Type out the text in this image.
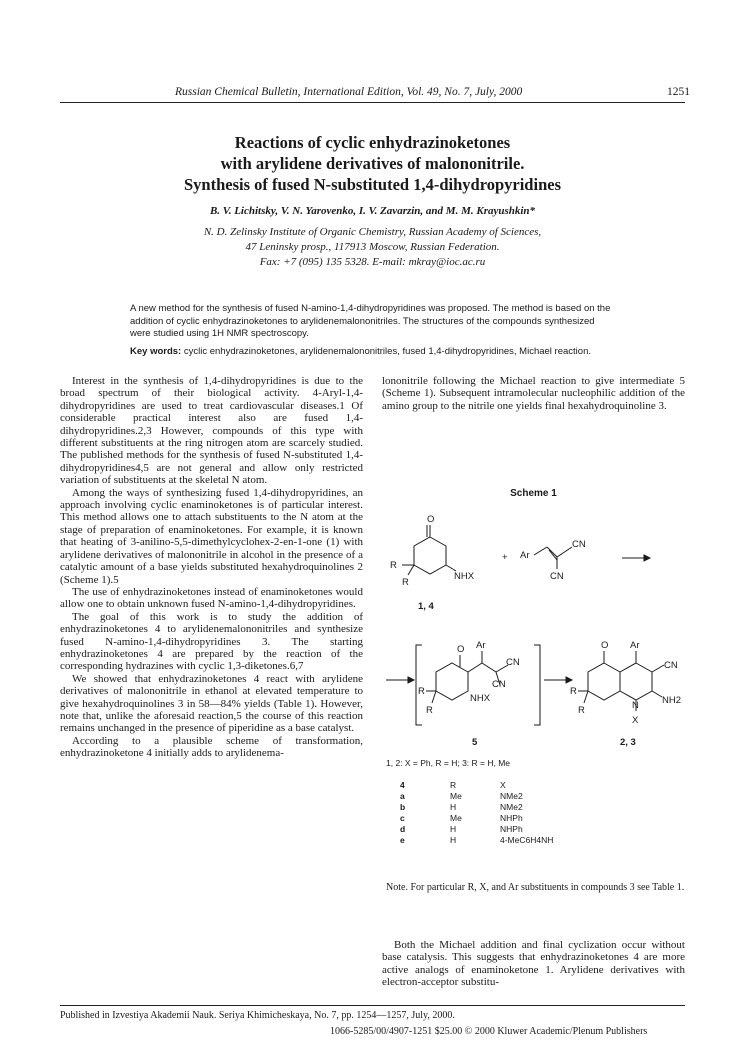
Russian Chemical Bulletin, International Edition, Vol. 49, No. 7, July, 2000	1251
Reactions of cyclic enhydrazinoketones
with arylidene derivatives of malononitrile.
Synthesis of fused N-substituted 1,4-dihydropyridines
B. V. Lichitsky, V. N. Yarovenko, I. V. Zavarzin, and M. M. Krayushkin*
N. D. Zelinsky Institute of Organic Chemistry, Russian Academy of Sciences,
47 Leninsky prosp., 117913 Moscow, Russian Federation.
Fax: +7 (095) 135 5328. E-mail: mkray@ioc.ac.ru
A new method for the synthesis of fused N-amino-1,4-dihydropyridines was proposed. The method is based on the addition of cyclic enhydrazinoketones to arylidenemalononitriles. The structures of the compounds synthesized were studied using 1H NMR spectroscopy.
Key words: cyclic enhydrazinoketones, arylidenemalononitriles, fused 1,4-dihydropyridines, Michael reaction.

Interest in the synthesis of 1,4-dihydropyridines is due to the broad spectrum of their biological activity. 4-Aryl-1,4-dihydropyridines are used to treat cardiovascular diseases.1 Of considerable practical interest also are fused 1,4-dihydropyridines.2,3 However, compounds of this type with different substituents at the ring nitrogen atom are scarcely studied. The published methods for the synthesis of fused N-substituted 1,4-dihydropyridines4,5 are not general and allow only restricted variation of substituents at the skeletal N atom.

Among the ways of synthesizing fused 1,4-dihydropyridines, an approach involving cyclic enaminoketones is of particular interest. This method allows one to attach substituents to the N atom at the stage of preparation of enaminoketones. For example, it is known that heating of 3-anilino-5,5-dimethylcyclohex-2-en-1-one (1) with arylidene derivatives of malononitrile in alcohol in the presence of a catalytic amount of a base yields substituted hexahydroquinolines 2 (Scheme 1).5

The use of enhydrazinoketones instead of enaminoketones would allow one to obtain unknown fused N-amino-1,4-dihydropyridines.

The goal of this work is to study the addition of enhydrazinoketones 4 to arylidenemalononitriles and synthesize fused N-amino-1,4-dihydropyridines 3. The starting enhydrazinoketones 4 are prepared by the reaction of the corresponding hydrazines with cyclic 1,3-diketones.6,7

We showed that enhydrazinoketones 4 react with arylidene derivatives of malononitrile in ethanol at elevated temperature to give hexahydroquinolines 3 in 58—84% yields (Table 1). However, note that, unlike the aforesaid reaction,5 the course of this reaction remains unchanged in the presence of piperidine as a base catalyst.

According to a plausible scheme of transformation, enhydrazinoketone 4 initially adds to arylidenema-

lononitrile following the Michael reaction to give intermediate 5 (Scheme 1). Subsequent intramolecular nucleophilic addition of the amino group to the nitrile one yields final hexahydroquinoline 3.

Scheme 1
O
R
R
NHX
1, 4
+ Ar
CN
CN
O Ar
CN
CN
NHX
R
R
5
O Ar
CN
N NH2
X
R
R
2, 3
1, 2: X = Ph, R = H; 3: R = H, Me
4	R	X
a	Me	NMe2
b	H	NMe2
c	Me	NHPh
d	H	NHPh
e	H	4-MeC6H4NH
Note. For particular R, X, and Ar substituents in compounds 3 see Table 1.

Both the Michael addition and final cyclization occur without base catalysis. This suggests that enhydrazinoketones 4 are more active analogs of enaminoketone 1. Arylidene derivatives with electron-acceptor substitu-

Published in Izvestiya Akademii Nauk. Seriya Khimicheskaya, No. 7, pp. 1254—1257, July, 2000.
1066-5285/00/4907-1251 $25.00 © 2000 Kluwer Academic/Plenum Publishers
